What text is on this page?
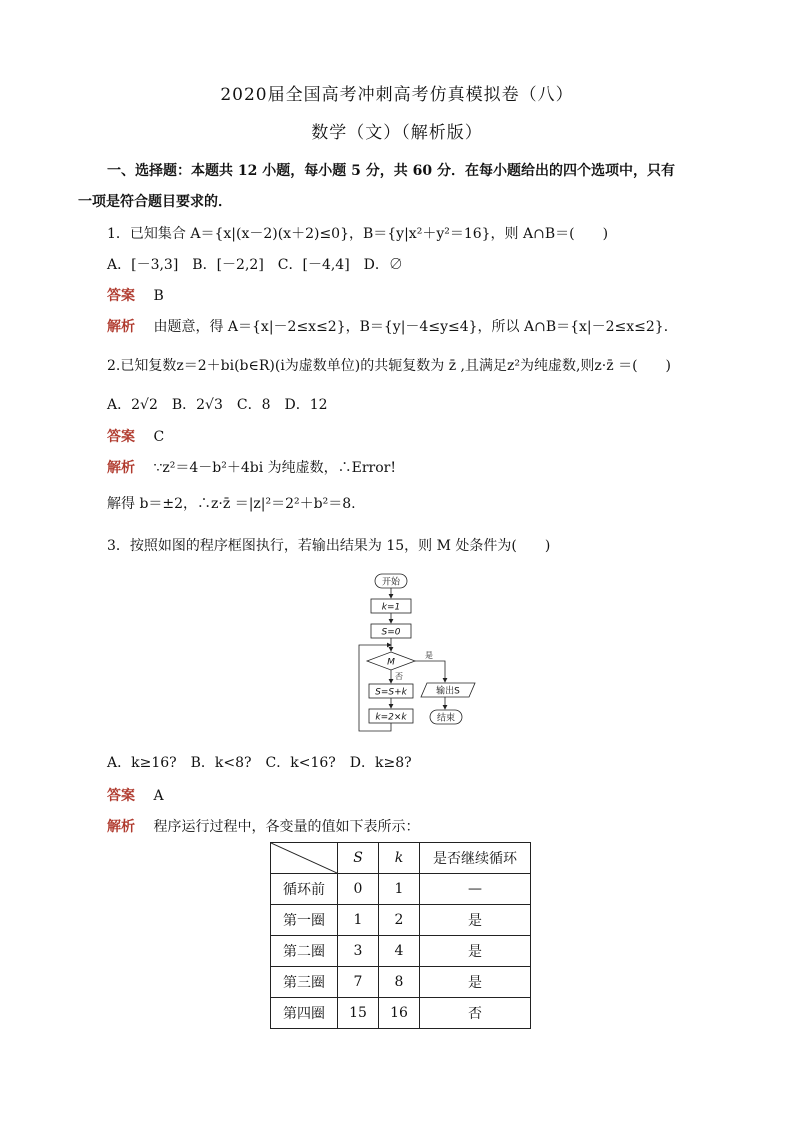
2020届全国高考冲刺高考仿真模拟卷（八）
数学（文）（解析版）
一、选择题：本题共 12 小题，每小题 5 分，共 60 分．在每小题给出的四个选项中，只有
一项是符合题目要求的．
1．已知集合 A＝{x|(x－2)(x＋2)≤0}，B＝{y|x²＋y²＝16}，则 A∩B＝(　　)
A．[－3,3]　B．[－2,2]　C．[－4,4]　D．∅
答案 B
解析 由题意，得 A＝{x|－2≤x≤2}，B＝{y|－4≤y≤4}，所以 A∩B＝{x|－2≤x≤2}．
2.已知复数z＝2＋bi(b∈R)(i为虚数单位)的共轭复数为 z̄ ,且满足z²为纯虚数,则z·z̄ ＝(　　)
A．2√2　B．2√3　C．8　D．12
答案 C
解析 ∵z²＝4－b²＋4bi 为纯虚数，∴Error!
解得 b＝±2，∴z·z̄ ＝|z|²＝2²＋b²＝8.
3．按照如图的程序框图执行，若输出结果为 15，则 M 处条件为(　　)
开始
k=1
S=0
M
是
否
S=S+k
k=2×k
输出S
结束
A．k≥16?　B．k<8?　C．k<16?　D．k≥8?
答案 A
解析 程序运行过程中，各变量的值如下表所示：
	S	k	是否继续循环
循环前	0	1	—
第一圈	1	2	是
第二圈	3	4	是
第三圈	7	8	是
第四圈	15	16	否
